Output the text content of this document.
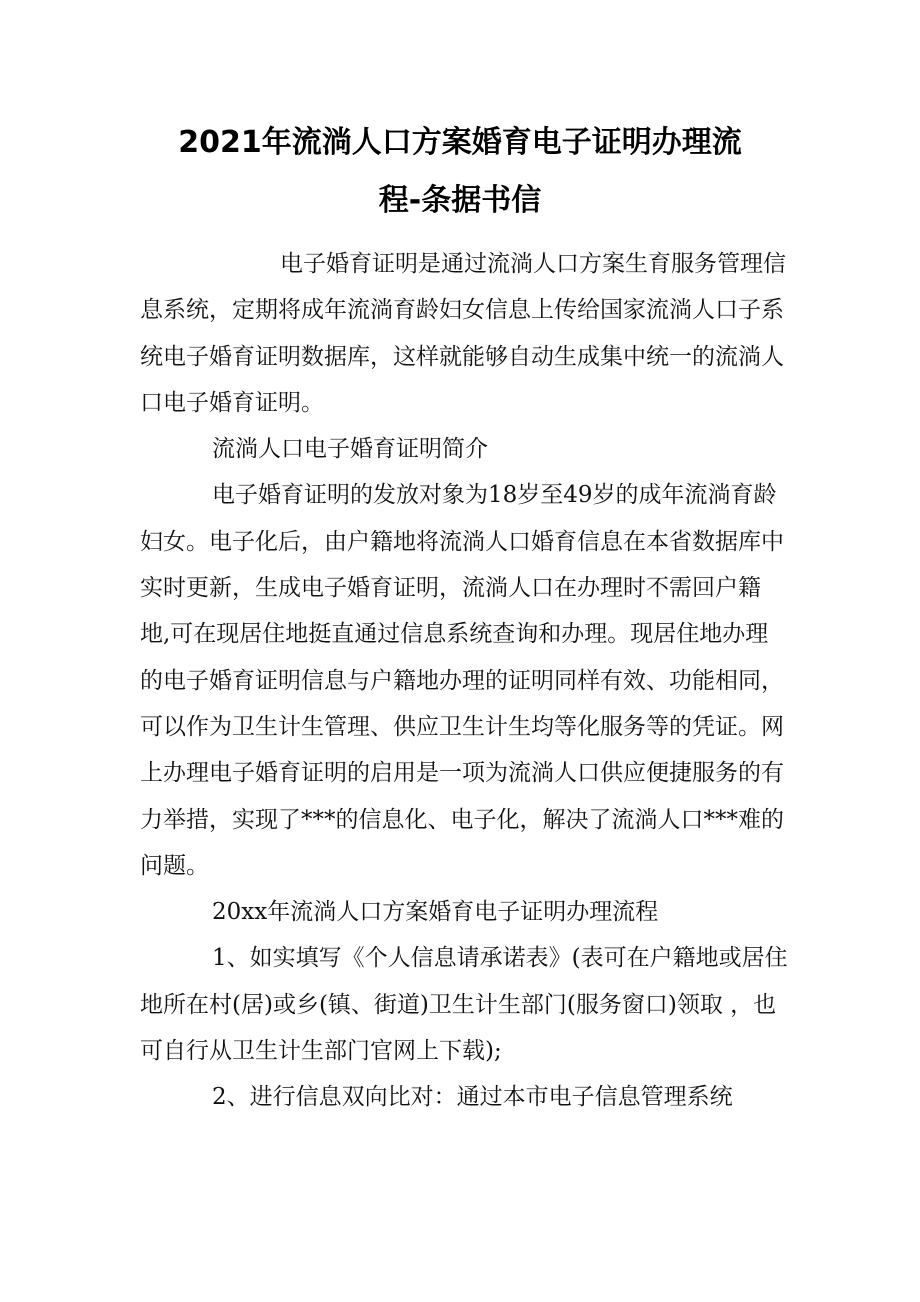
2021年流淌人口方案婚育电子证明办理流
程-条据书信

电子婚育证明是通过流淌人口方案生育服务管理信息系统，定期将成年流淌育龄妇女信息上传给国家流淌人口子系统电子婚育证明数据库，这样就能够自动生成集中统一的流淌人口电子婚育证明。

流淌人口电子婚育证明简介

电子婚育证明的发放对象为18岁至49岁的成年流淌育龄妇女。电子化后，由户籍地将流淌人口婚育信息在本省数据库中实时更新，生成电子婚育证明，流淌人口在办理时不需回户籍地,可在现居住地挺直通过信息系统查询和办理。现居住地办理的电子婚育证明信息与户籍地办理的证明同样有效、功能相同，可以作为卫生计生管理、供应卫生计生均等化服务等的凭证。网上办理电子婚育证明的启用是一项为流淌人口供应便捷服务的有力举措，实现了***的信息化、电子化，解决了流淌人口***难的问题。

20xx年流淌人口方案婚育电子证明办理流程

1、如实填写《个人信息请承诺表》(表可在户籍地或居住地所在村(居)或乡(镇、街道)卫生计生部门(服务窗口)领取 ，也可自行从卫生计生部门官网上下载);

2、进行信息双向比对：通过本市电子信息管理系统
